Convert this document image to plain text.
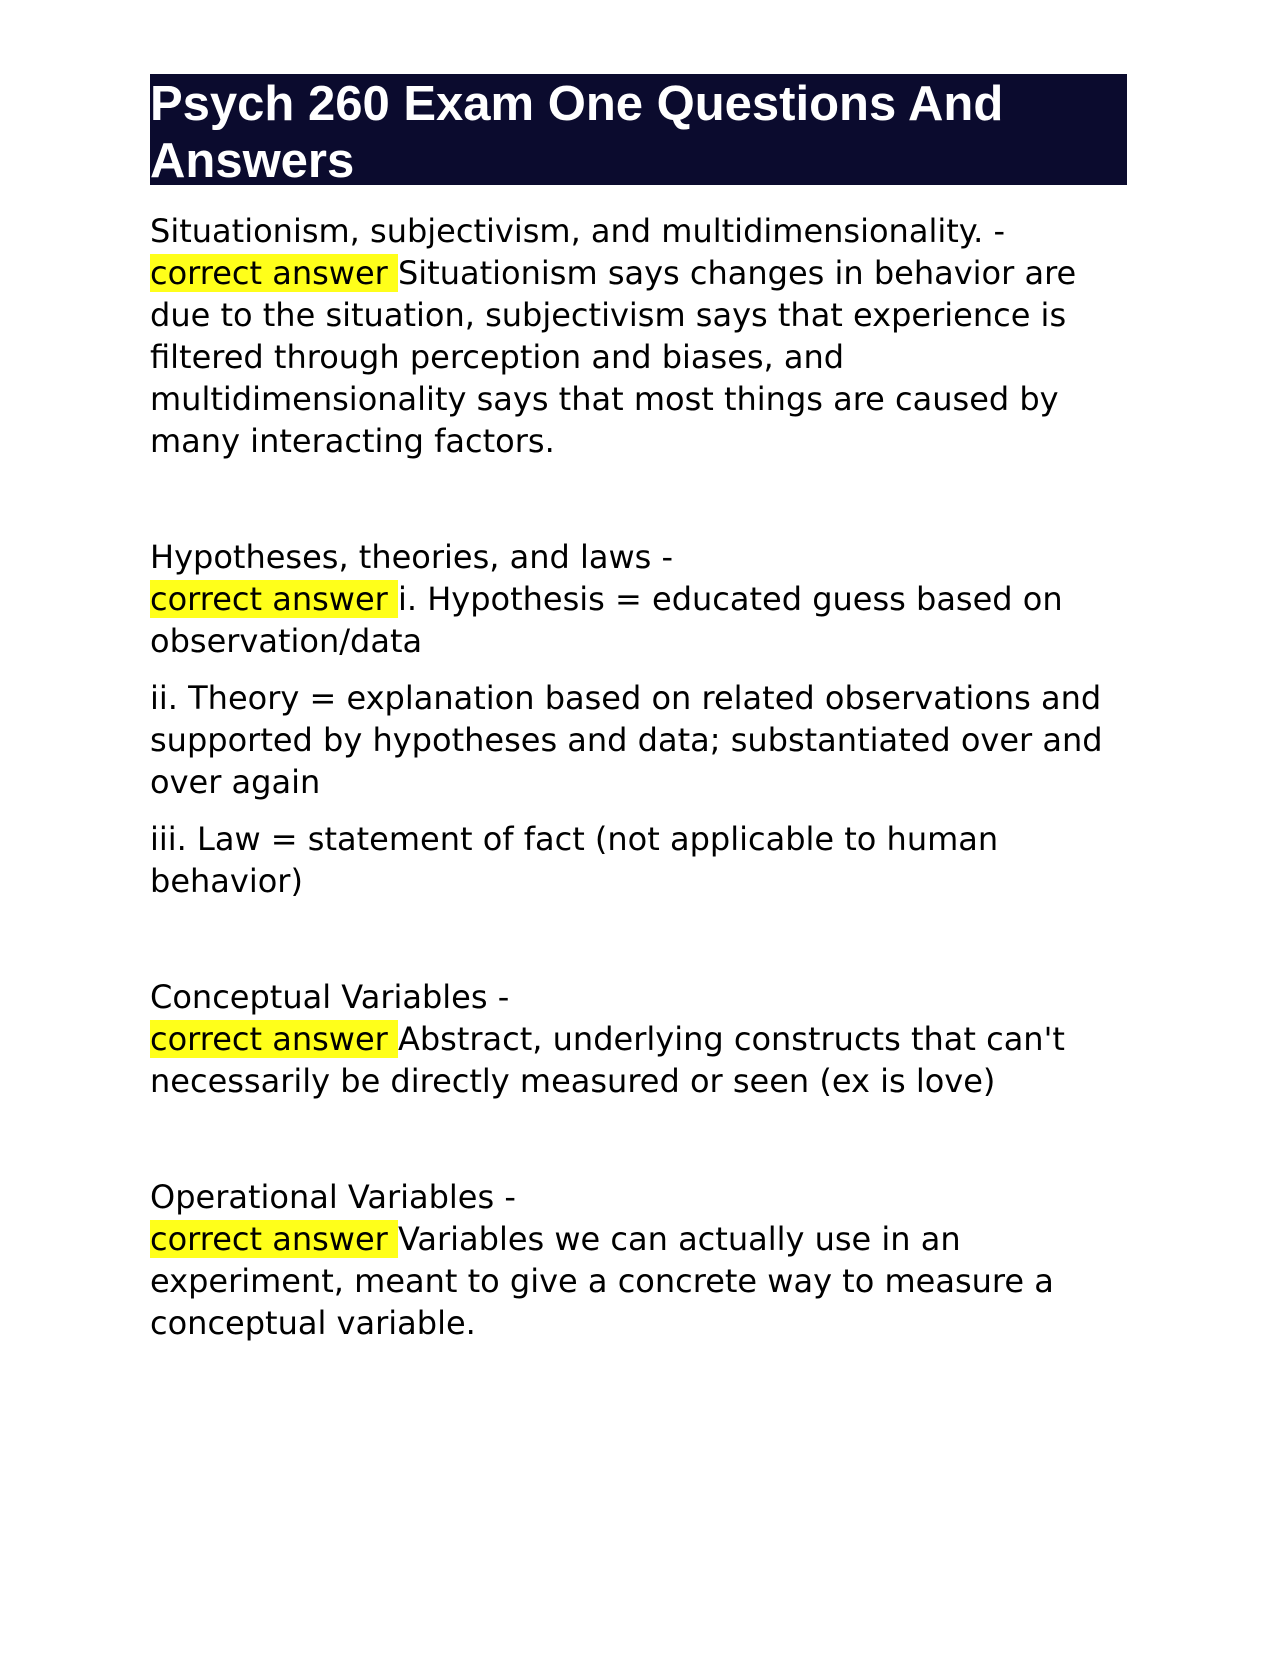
Psych 260 Exam One Questions And Answers

Situationism, subjectivism, and multidimensionality. -

correct answer Situationism says changes in behavior are due to the situation, subjectivism says that experience is filtered through perception and biases, and multidimensionality says that most things are caused by many interacting factors.

Hypotheses, theories, and laws -

correct answer i. Hypothesis = educated guess based on observation/data

ii. Theory = explanation based on related observations and supported by hypotheses and data; substantiated over and over again

iii. Law = statement of fact (not applicable to human behavior)

Conceptual Variables -

correct answer Abstract, underlying constructs that can't necessarily be directly measured or seen (ex is love)

Operational Variables -

correct answer Variables we can actually use in an experiment, meant to give a concrete way to measure a conceptual variable.
